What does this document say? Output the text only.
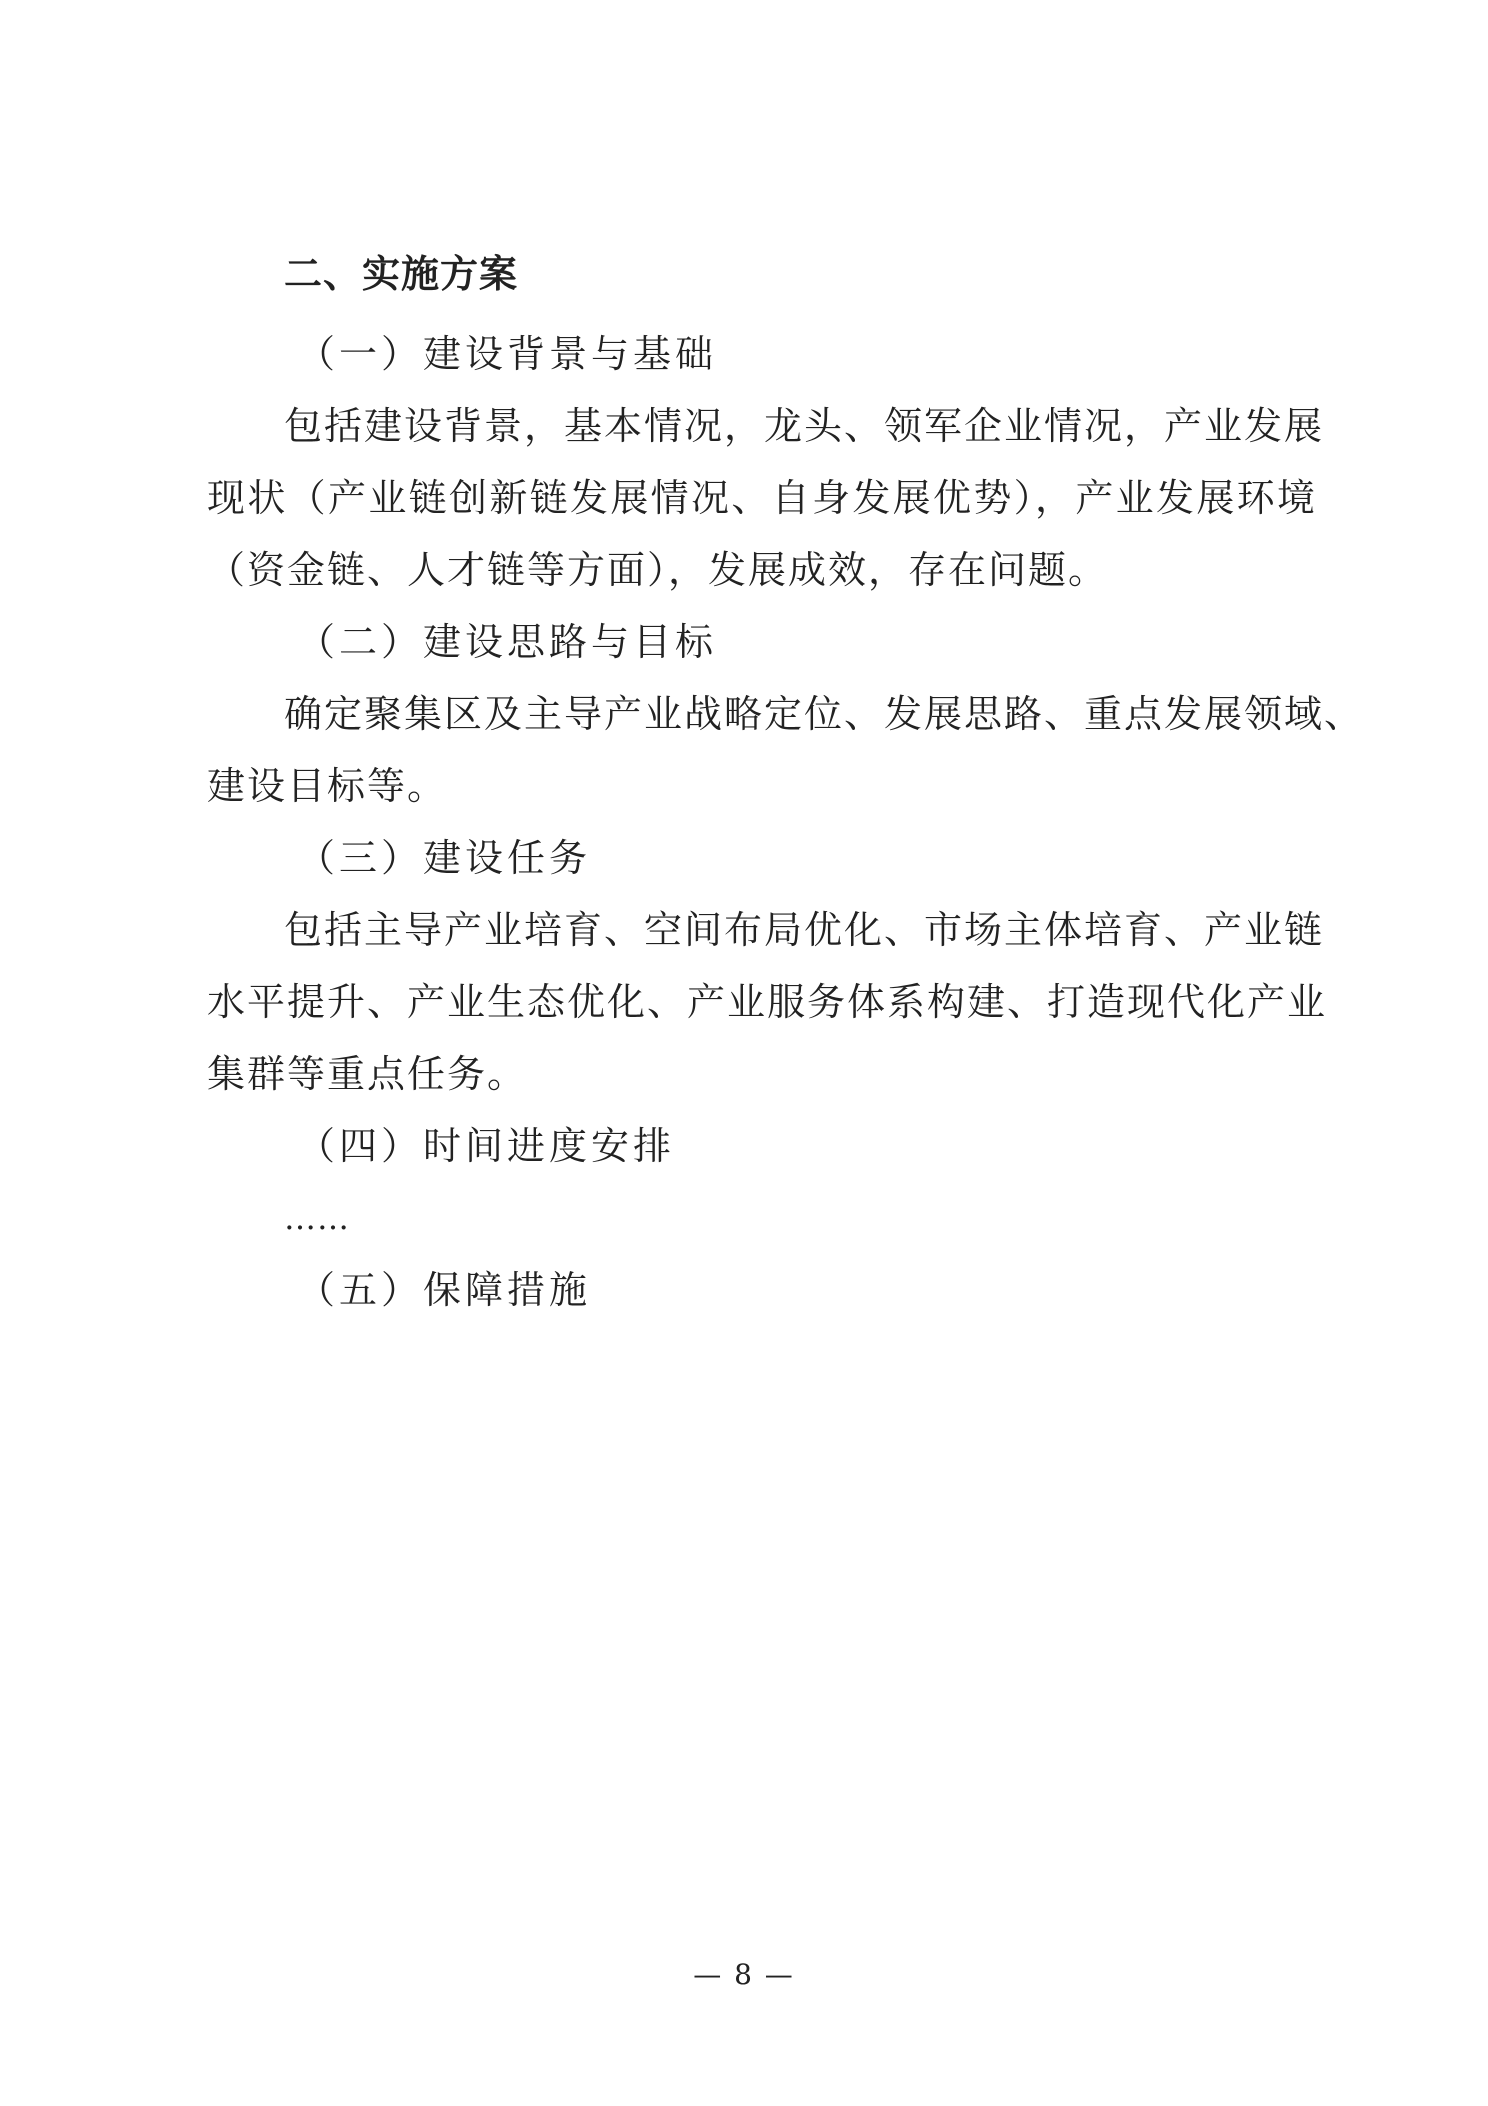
二、实施方案
（一）建设背景与基础
包括建设背景，基本情况，龙头、领军企业情况，产业发展
现状（产业链创新链发展情况、自身发展优势），产业发展环境
（资金链、人才链等方面），发展成效，存在问题。
（二）建设思路与目标
确定聚集区及主导产业战略定位、发展思路、重点发展领域、
建设目标等。
（三）建设任务
包括主导产业培育、空间布局优化、市场主体培育、产业链
水平提升、产业生态优化、产业服务体系构建、打造现代化产业
集群等重点任务。
（四）时间进度安排
……
（五）保障措施
— 8 —
